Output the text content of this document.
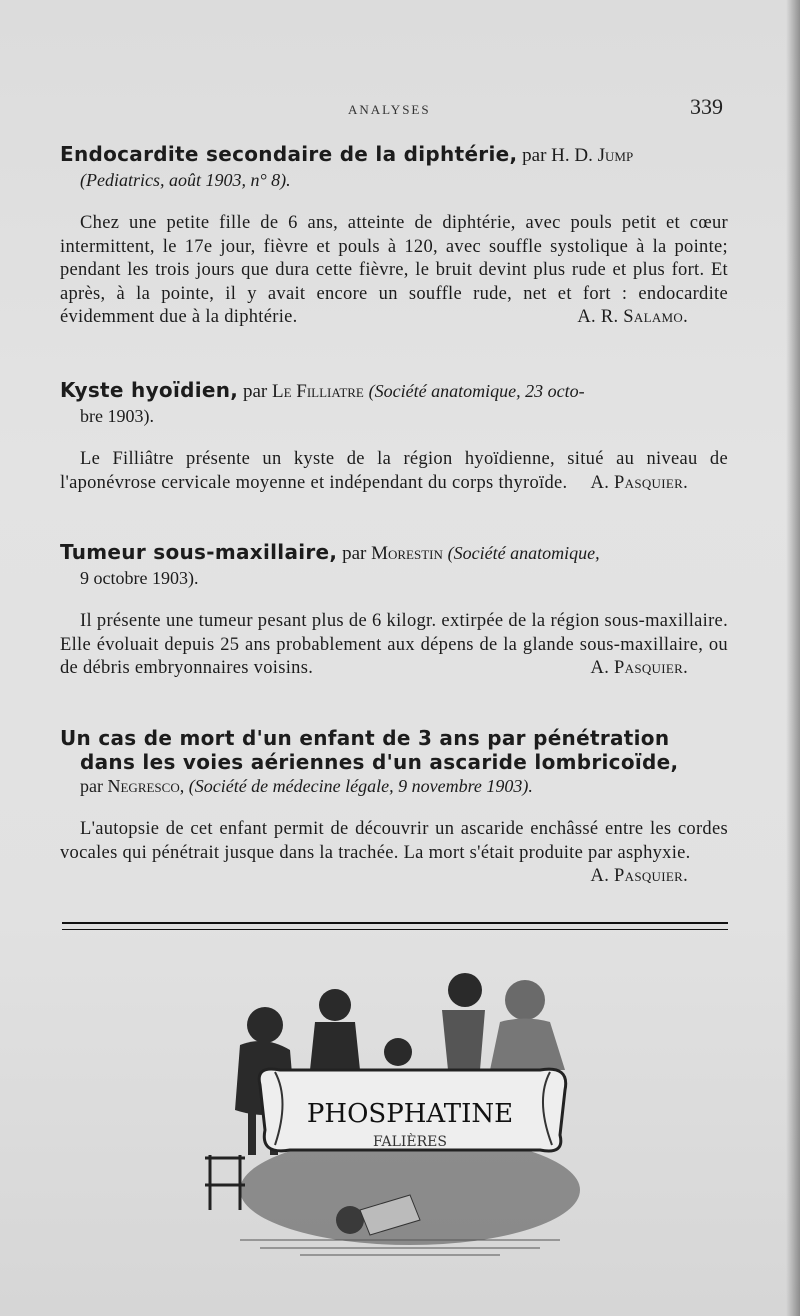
ANALYSES	339
Endocardite secondaire de la diphtérie, par H. D. Jump
(Pediatrics, août 1903, n° 8).
Chez une petite fille de 6 ans, atteinte de diphtérie, avec pouls petit et cœur intermittent, le 17e jour, fièvre et pouls à 120, avec souffle systolique à la pointe; pendant les trois jours que dura cette fièvre, le bruit devint plus rude et plus fort. Et après, à la pointe, il y avait encore un souffle rude, net et fort : endocardite évidemment due à la diphtérie.	A. R. Salamo.
Kyste hyoïdien, par Le Filliatre (Société anatomique, 23 octo-
bre 1903).
Le Filliâtre présente un kyste de la région hyoïdienne, situé au niveau de l'aponévrose cervicale moyenne et indépendant du corps thyroïde. A. Pasquier.
Tumeur sous-maxillaire, par Morestin (Société anatomique,
9 octobre 1903).
Il présente une tumeur pesant plus de 6 kilogr. extirpée de la région sous-maxillaire. Elle évoluait depuis 25 ans probablement aux dépens de la glande sous-maxillaire, ou de débris embryonnaires voisins.	A. Pasquier.
Un cas de mort d'un enfant de 3 ans par pénétration
dans les voies aériennes d'un ascaride lombricoïde,
par Negresco, (Société de médecine légale, 9 novembre 1903).
L'autopsie de cet enfant permit de découvrir un ascaride enchâssé entre les cordes vocales qui pénétrait jusque dans la trachée. La mort s'était produite par asphyxie.
A. Pasquier.
PHOSPHATINE
FALIÈRES
